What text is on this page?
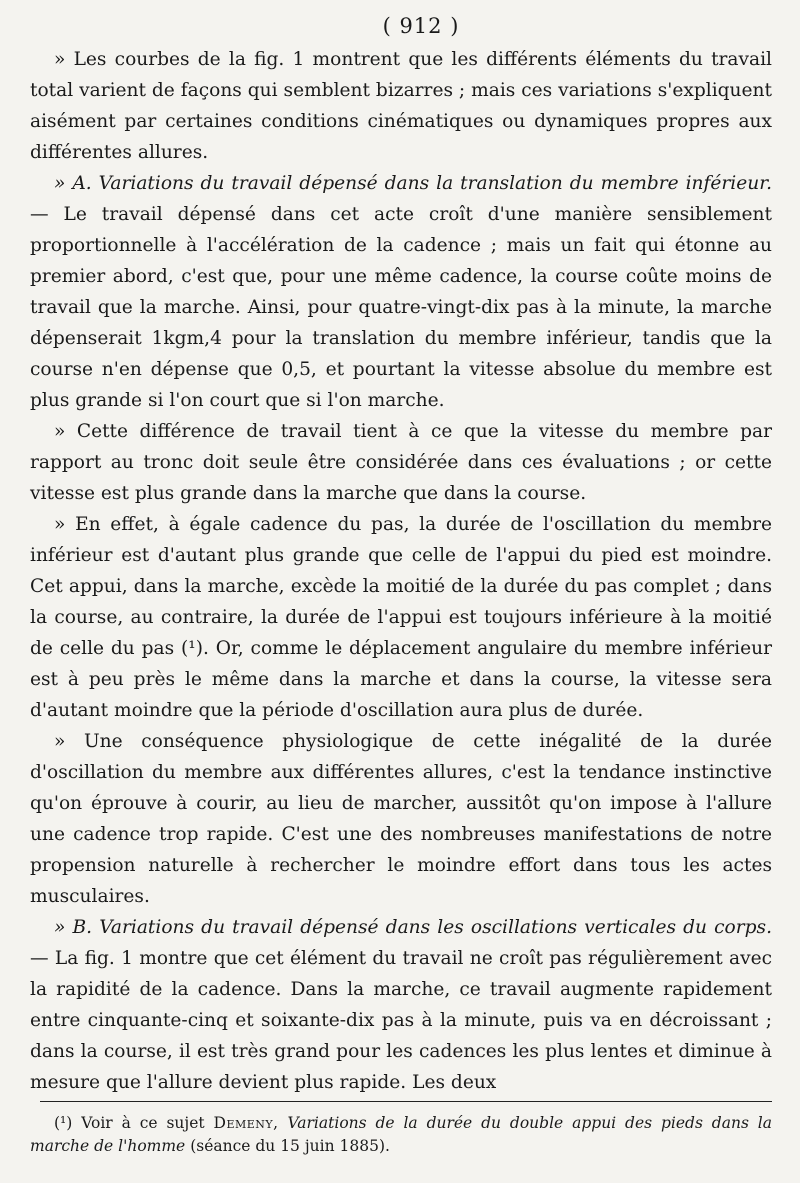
( 912 )

» Les courbes de la fig. 1 montrent que les différents éléments du travail total varient de façons qui semblent bizarres ; mais ces variations s'expliquent aisément par certaines conditions cinématiques ou dynamiques propres aux différentes allures.

» A. Variations du travail dépensé dans la translation du membre inférieur. — Le travail dépensé dans cet acte croît d'une manière sensiblement proportionnelle à l'accélération de la cadence ; mais un fait qui étonne au premier abord, c'est que, pour une même cadence, la course coûte moins de travail que la marche. Ainsi, pour quatre-vingt-dix pas à la minute, la marche dépenserait 1kgm,4 pour la translation du membre inférieur, tandis que la course n'en dépense que 0,5, et pourtant la vitesse absolue du membre est plus grande si l'on court que si l'on marche.

» Cette différence de travail tient à ce que la vitesse du membre par rapport au tronc doit seule être considérée dans ces évaluations ; or cette vitesse est plus grande dans la marche que dans la course.

» En effet, à égale cadence du pas, la durée de l'oscillation du membre inférieur est d'autant plus grande que celle de l'appui du pied est moindre. Cet appui, dans la marche, excède la moitié de la durée du pas complet ; dans la course, au contraire, la durée de l'appui est toujours inférieure à la moitié de celle du pas (¹). Or, comme le déplacement angulaire du membre inférieur est à peu près le même dans la marche et dans la course, la vitesse sera d'autant moindre que la période d'oscillation aura plus de durée.

» Une conséquence physiologique de cette inégalité de la durée d'oscillation du membre aux différentes allures, c'est la tendance instinctive qu'on éprouve à courir, au lieu de marcher, aussitôt qu'on impose à l'allure une cadence trop rapide. C'est une des nombreuses manifestations de notre propension naturelle à rechercher le moindre effort dans tous les actes musculaires.

» B. Variations du travail dépensé dans les oscillations verticales du corps. — La fig. 1 montre que cet élément du travail ne croît pas régulièrement avec la rapidité de la cadence. Dans la marche, ce travail augmente rapidement entre cinquante-cinq et soixante-dix pas à la minute, puis va en décroissant ; dans la course, il est très grand pour les cadences les plus lentes et diminue à mesure que l'allure devient plus rapide. Les deux

(¹) Voir à ce sujet Demeny, Variations de la durée du double appui des pieds dans la marche de l'homme (séance du 15 juin 1885).
